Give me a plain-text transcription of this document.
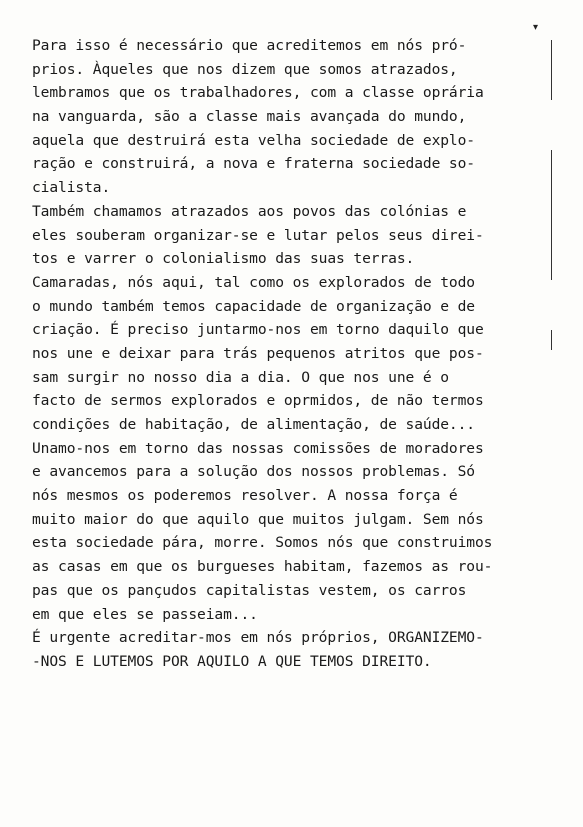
▾
Para isso é necessário que acreditemos em nós pró-
prios. Àqueles que nos dizem que somos atrazados,
lembramos que os trabalhadores, com a classe oprária
na vanguarda, são a classe mais avançada do mundo,
aquela que destruirá esta velha sociedade de explo-
ração e construirá, a nova e fraterna sociedade so-
cialista.
Também chamamos atrazados aos povos das colónias e
eles souberam organizar-se e lutar pelos seus direi-
tos e varrer o colonialismo das suas terras.
Camaradas, nós aqui, tal como os explorados de todo
o mundo também temos capacidade de organização e de
criação. É preciso juntarmo-nos em torno daquilo que
nos une e deixar para trás pequenos atritos que pos-
sam surgir no nosso dia a dia. O que nos une é o
facto de sermos explorados e oprmidos, de não termos
condições de habitação, de alimentação, de saúde...
Unamo-nos em torno das nossas comissões de moradores
e avancemos para a solução dos nossos problemas. Só
nós mesmos os poderemos resolver. A nossa força é
muito maior do que aquilo que muitos julgam. Sem nós
esta sociedade pára, morre. Somos nós que construimos
as casas em que os burgueses habitam, fazemos as rou-
pas que os pançudos capitalistas vestem, os carros
em que eles se passeiam...
É urgente acreditar-mos em nós próprios, ORGANIZEMO-
-NOS E LUTEMOS POR AQUILO A QUE TEMOS DIREITO.
